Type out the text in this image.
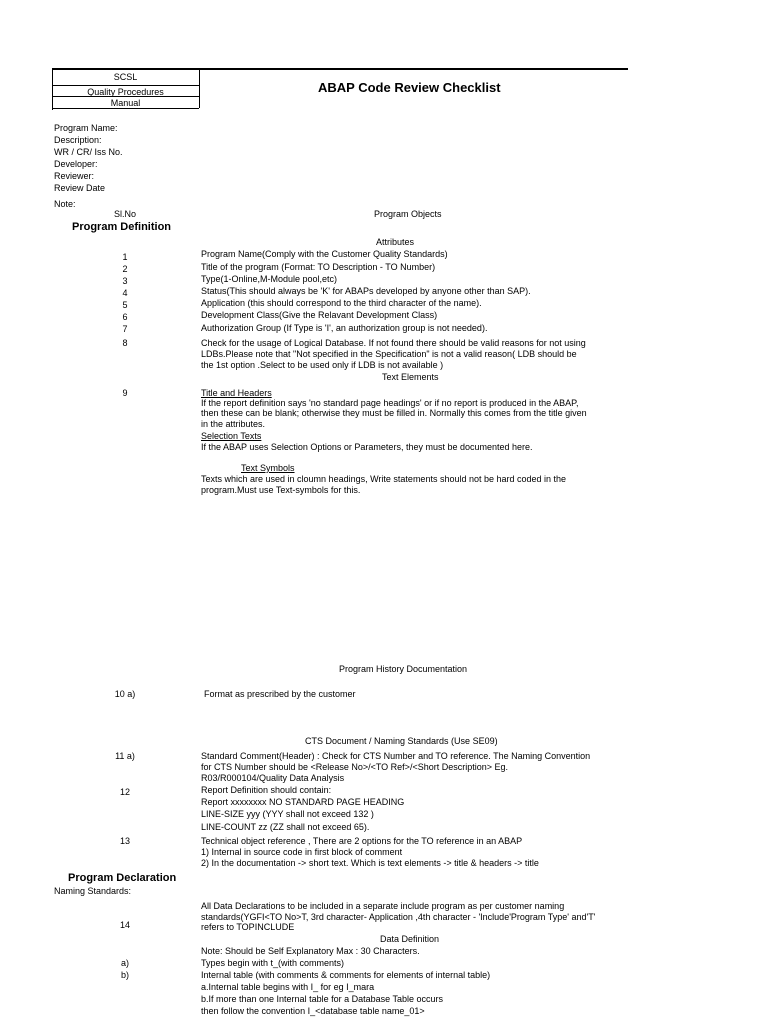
SCSL
Quality Procedures
Manual
ABAP Code Review Checklist
Program Name:
Description:
WR / CR/ Iss No.
Developer:
Reviewer:
Review Date
Note:
Sl.No	Program Objects
Program Definition
Attributes
1	Program Name(Comply with the Customer Quality Standards)
2	Title of the program (Format: TO Description - TO Number)
3	Type(1-Online,M-Module pool,etc)
4	Status(This should always be 'K' for ABAPs developed by anyone other than SAP).
5	Application (this should correspond to the third character of the name).
6	Development Class(Give the Relavant Development Class)
7	Authorization Group (If Type is 'I', an authorization group is not needed).
8	Check for the usage of Logical Database. If not found there should be valid reasons for not using
LDBs.Please note that "Not specified in the Specification" is not a valid reason( LDB should be
the 1st option .Select to be used only if LDB is not available )
Text Elements
9	Title and Headers
If the report definition says 'no standard page headings' or if no report is produced in the ABAP,
then these can be blank; otherwise they must be filled in. Normally this comes from the title given
in the attributes.
Selection Texts
If the ABAP uses Selection Options or Parameters, they must be documented here.
Text Symbols
Texts which are used in cloumn headings, Write statements should not be hard coded in the
program.Must use Text-symbols for this.
Program History Documentation
10 a)	Format as prescribed by the customer
CTS Document / Naming Standards (Use SE09)
11 a)	Standard Comment(Header) : Check for CTS Number and TO reference. The Naming Convention
for CTS Number should be <Release No>/<TO Ref>/<Short Description> Eg.
R03/R000104/Quality Data Analysis
12	Report Definition should contain:
Report xxxxxxxx NO STANDARD PAGE HEADING
LINE-SIZE yyy (YYY shall not exceed 132 )
LINE-COUNT zz (ZZ shall not exceed 65).
13	Technical object reference , There are 2 options for the TO reference in an ABAP
1) Internal in source code in first block of comment
2) In the documentation -> short text. Which is text elements -> title & headers -> title
Program Declaration
Naming Standards:
All Data Declarations to be included in a separate include program as per customer naming
standards(YGFI<TO No>T, 3rd character- Application ,4th character - 'Include'Program Type' and'T'
14	refers to TOPINCLUDE
Data Definition
Note: Should be Self Explanatory Max : 30 Characters.
a)	Types begin with t_(with comments)
b)	Internal table (with comments & comments for elements of internal table)
a.Internal table begins with I_ for eg I_mara
b.If more than one Internal table for a Database Table occurs
then follow the convention I_<database table name_01>
